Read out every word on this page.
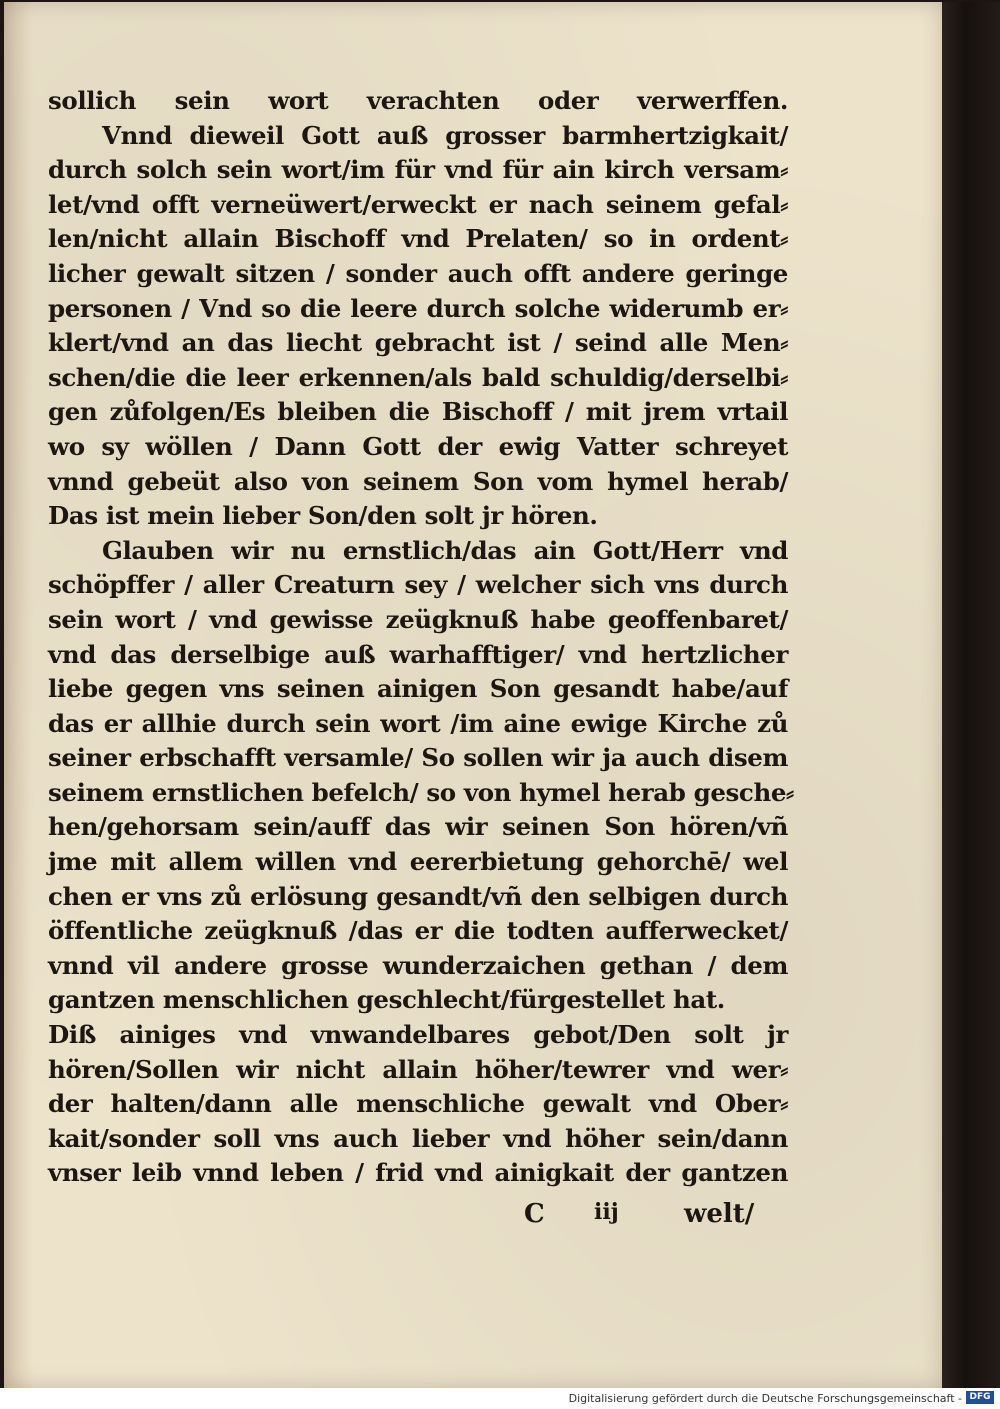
sollich sein wort verachten oder verwerffen.
Vnnd dieweil Gott auß grosser barmhertzigkait/
durch solch sein wort/im für vnd für ain kirch versam⸗
let/vnd offt verneüwert/erweckt er nach seinem gefal⸗
len/nicht allain Bischoff vnd Prelaten/ so in ordent⸗
licher gewalt sitzen / sonder auch offt andere geringe
personen / Vnd so die leere durch solche widerumb er⸗
klert/vnd an das liecht gebracht ist / seind alle Men⸗
schen/die die leer erkennen/als bald schuldig/derselbi⸗
gen zůfolgen/Es bleiben die Bischoff / mit jrem vrtail
wo sy wöllen / Dann Gott der ewig Vatter schreyet
vnnd gebeüt also von seinem Son vom hymel herab/
Das ist mein lieber Son/den solt jr hören.
Glauben wir nu ernstlich/das ain Gott/Herr vnd
schöpffer / aller Creaturn sey / welcher sich vns durch
sein wort / vnd gewisse zeügknuß habe geoffenbaret/
vnd das derselbige auß warhafftiger/ vnd hertzlicher
liebe gegen vns seinen ainigen Son gesandt habe/auf
das er allhie durch sein wort /im aine ewige Kirche zů
seiner erbschafft versamle/ So sollen wir ja auch disem
seinem ernstlichen befelch/ so von hymel herab gesche⸗
hen/gehorsam sein/auff das wir seinen Son hören/vñ
jme mit allem willen vnd eererbietung gehorchē/ wel
chen er vns zů erlösung gesandt/vñ den selbigen durch
öffentliche zeügknuß /das er die todten aufferwecket/
vnnd vil andere grosse wunderzaichen gethan / dem
gantzen menschlichen geschlecht/fürgestellet hat.
Diß ainiges vnd vnwandelbares gebot/Den solt jr
hören/Sollen wir nicht allain höher/tewrer vnd wer⸗
der halten/dann alle menschliche gewalt vnd Ober⸗
kait/sonder soll vns auch lieber vnd höher sein/dann
vnser leib vnnd leben / frid vnd ainigkait der gantzen
C iij	welt/
Digitalisierung gefördert durch die Deutsche Forschungsgemeinschaft - DFG
